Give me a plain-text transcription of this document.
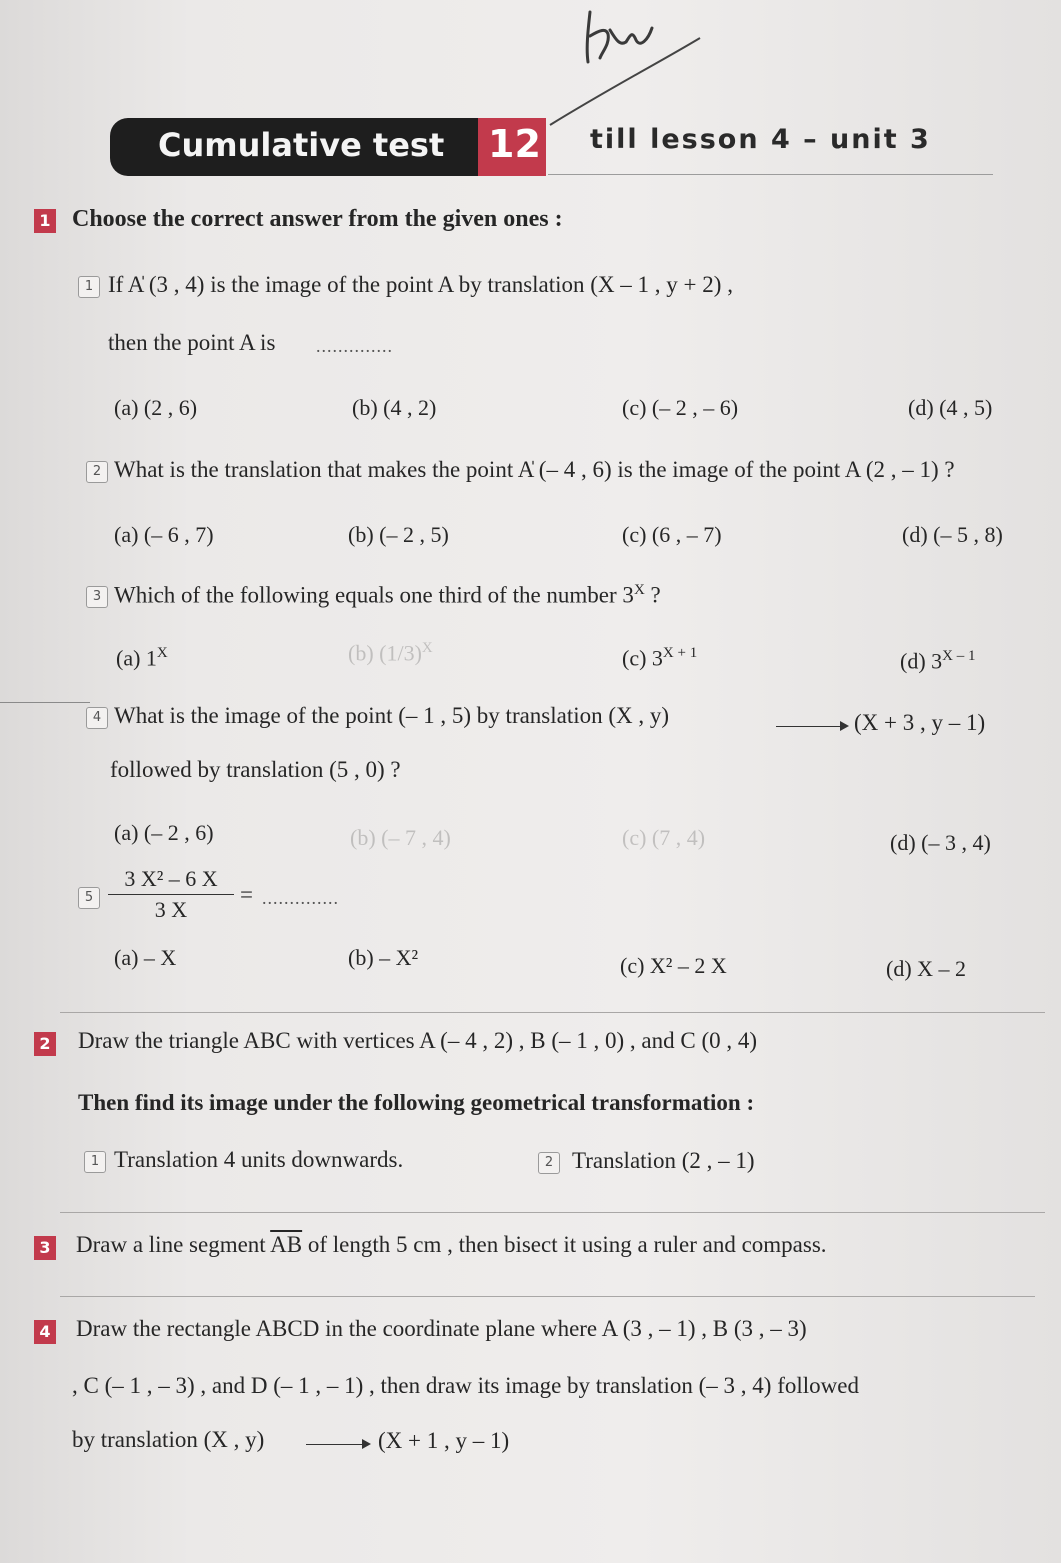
Cumulative test 12 till lesson 4 – unit 3
1 Choose the correct answer from the given ones :
1 If A̍ (3 , 4) is the image of the point A by translation (X – 1 , y + 2) ,
then the point A is ..............
(a) (2 , 6)	(b) (4 , 2)	(c) (– 2 , – 6)	(d) (4 , 5)
2 What is the translation that makes the point A̍ (– 4 , 6) is the image of the point A (2 , – 1) ?
(a) (– 6 , 7)	(b) (– 2 , 5)	(c) (6 , – 7)	(d) (– 5 , 8)
3 Which of the following equals one third of the number $3^X$ ?
(a) $1^X$	(b) $(1/3)^X$	(c) $3^{X + 1}$	(d) $3^{X - 1}$
4 What is the image of the point (– 1 , 5) by translation (X , y)	(X + 3 , y – 1)
followed by translation (5 , 0) ?
(a) (– 2 , 6)	(b) (– 7 , 4)	(c) (7 , 4)	(d) (– 3 , 4)
5
3 X² – 6 X
3 X
= ..............
(a) – X	(b) – X²	(c) X² – 2 X	(d) X – 2
2 Draw the triangle ABC with vertices A (– 4 , 2) , B (– 1 , 0) , and C (0 , 4)
Then find its image under the following geometrical transformation :
1 Translation 4 units downwards.	2 Translation (2 , – 1)
3 Draw a line segment $\overline{AB}$ of length 5 cm , then bisect it using a ruler and compass.
4 Draw the rectangle ABCD in the coordinate plane where A (3 , – 1) , B (3 , – 3)
, C (– 1 , – 3) , and D (– 1 , – 1) , then draw its image by translation (– 3 , 4) followed
by translation (X , y)	(X + 1 , y – 1)
